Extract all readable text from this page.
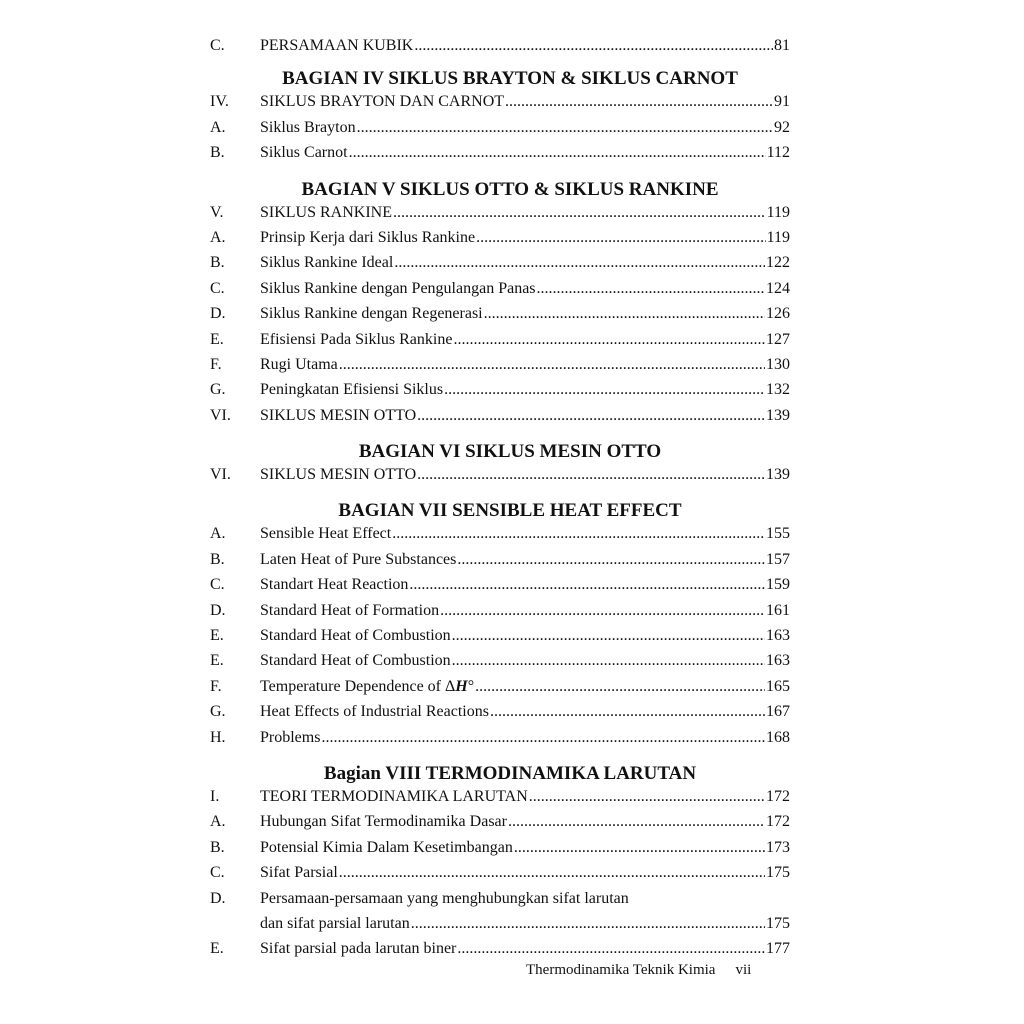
C.	PERSAMAAN KUBIK .....	81
BAGIAN IV SIKLUS BRAYTON & SIKLUS CARNOT
IV.	SIKLUS BRAYTON DAN CARNOT .....	91
A.	Siklus Brayton .....	92
B.	Siklus Carnot .....	112
BAGIAN V SIKLUS OTTO & SIKLUS RANKINE
V.	SIKLUS RANKINE .....	119
A.	Prinsip Kerja dari Siklus Rankine .....	119
B.	Siklus Rankine Ideal .....	122
C.	Siklus Rankine dengan Pengulangan Panas .....	124
D.	Siklus Rankine dengan Regenerasi .....	126
E.	Efisiensi Pada Siklus Rankine .....	127
F.	Rugi Utama .....	130
G.	Peningkatan Efisiensi Siklus .....	132
VI.	SIKLUS MESIN OTTO .....	139
BAGIAN VI SIKLUS MESIN OTTO
VI.	SIKLUS MESIN OTTO .....	139
BAGIAN VII SENSIBLE HEAT EFFECT
A.	Sensible Heat Effect .....	155
B.	Laten Heat of Pure Substances .....	157
C.	Standart Heat Reaction .....	159
D.	Standard Heat of Formation .....	161
E.	Standard Heat of Combustion .....	163
E.	Standard Heat of Combustion .....	163
F.	Temperature Dependence of ΔH° .....	165
G.	Heat Effects of Industrial Reactions .....	167
H.	Problems .....	168
Bagian VIII TERMODINAMIKA LARUTAN
I.	TEORI TERMODINAMIKA LARUTAN .....	172
A.	Hubungan Sifat Termodinamika Dasar .....	172
B.	Potensial Kimia Dalam Kesetimbangan .....	173
C.	Sifat Parsial .....	175
D.	Persamaan-persamaan yang menghubungkan sifat larutan
dan sifat parsial larutan .....	175
E.	Sifat parsial pada larutan biner .....	177
Thermodinamika Teknik Kimia vii
